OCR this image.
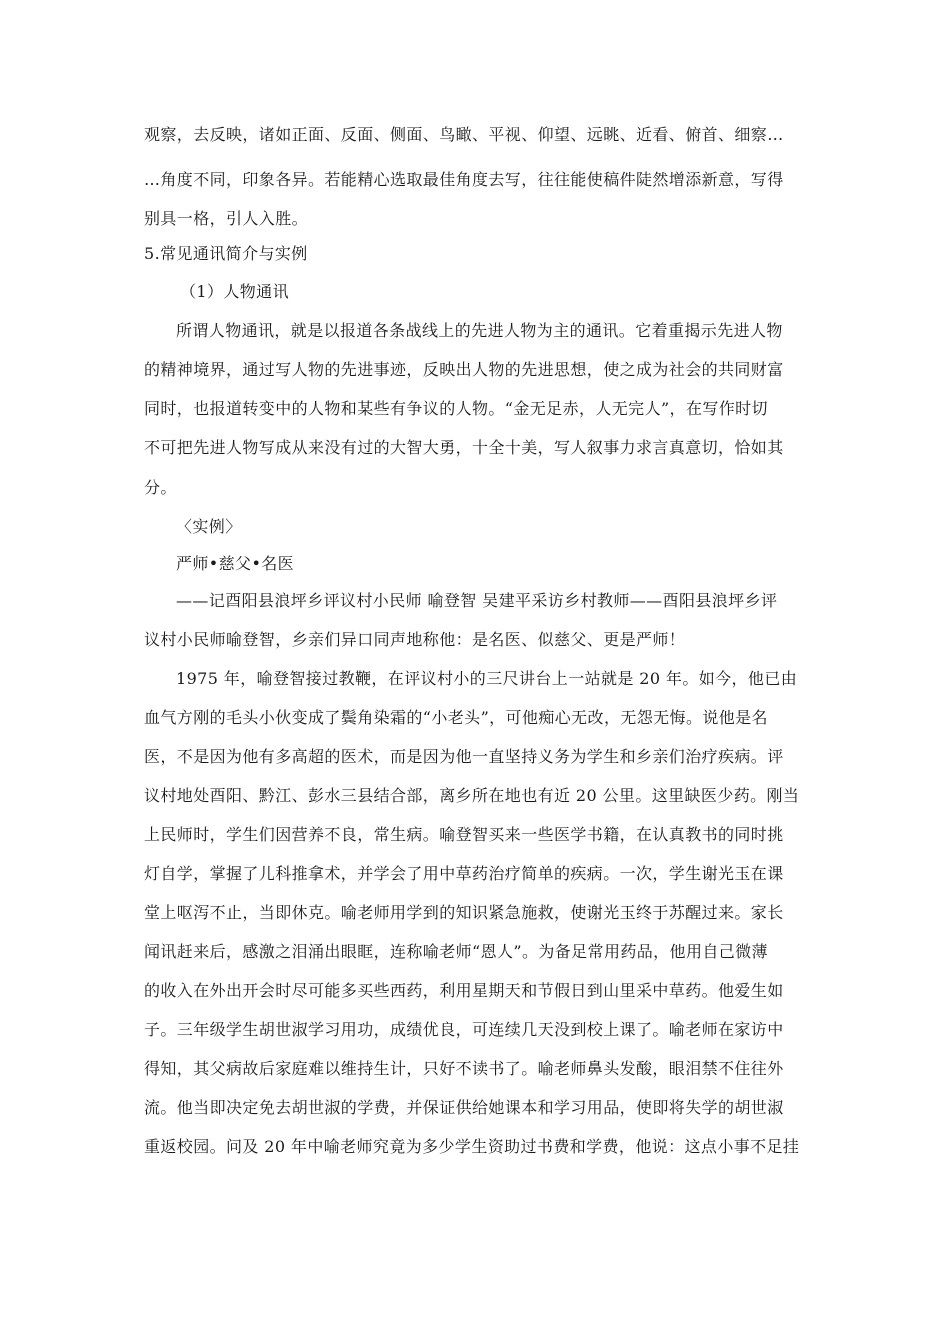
观察，去反映，诸如正面、反面、侧面、鸟瞰、平视、仰望、远眺、近看、俯首、细察…
…角度不同，印象各异。若能精心选取最佳角度去写，往往能使稿件陡然增添新意，写得
别具一格，引人入胜。
5.常见通讯简介与实例
（1）人物通讯
所谓人物通讯，就是以报道各条战线上的先进人物为主的通讯。它着重揭示先进人物
的精神境界，通过写人物的先进事迹，反映出人物的先进思想，使之成为社会的共同财富
同时，也报道转变中的人物和某些有争议的人物。“金无足赤，人无完人”，在写作时切
不可把先进人物写成从来没有过的大智大勇，十全十美，写人叙事力求言真意切，恰如其
分。
〈实例〉
严师•慈父•名医
——记酉阳县浪坪乡评议村小民师 喻登智 吴建平采访乡村教师——酉阳县浪坪乡评
议村小民师喻登智，乡亲们异口同声地称他：是名医、似慈父、更是严师！
1975 年，喻登智接过教鞭，在评议村小的三尺讲台上一站就是 20 年。如今，他已由
血气方刚的毛头小伙变成了鬓角染霜的“小老头”，可他痴心无改，无怨无悔。说他是名
医，不是因为他有多高超的医术，而是因为他一直坚持义务为学生和乡亲们治疗疾病。评
议村地处酉阳、黔江、彭水三县结合部，离乡所在地也有近 20 公里。这里缺医少药。刚当
上民师时，学生们因营养不良，常生病。喻登智买来一些医学书籍，在认真教书的同时挑
灯自学，掌握了儿科推拿术，并学会了用中草药治疗简单的疾病。一次，学生谢光玉在课
堂上呕泻不止，当即休克。喻老师用学到的知识紧急施救，使谢光玉终于苏醒过来。家长
闻讯赶来后，感激之泪涌出眼眶，连称喻老师“恩人”。为备足常用药品，他用自己微薄
的收入在外出开会时尽可能多买些西药，利用星期天和节假日到山里采中草药。他爱生如
子。三年级学生胡世淑学习用功，成绩优良，可连续几天没到校上课了。喻老师在家访中
得知，其父病故后家庭难以维持生计，只好不读书了。喻老师鼻头发酸，眼泪禁不住往外
流。他当即决定免去胡世淑的学费，并保证供给她课本和学习用品，使即将失学的胡世淑
重返校园。问及 20 年中喻老师究竟为多少学生资助过书费和学费，他说：这点小事不足挂
